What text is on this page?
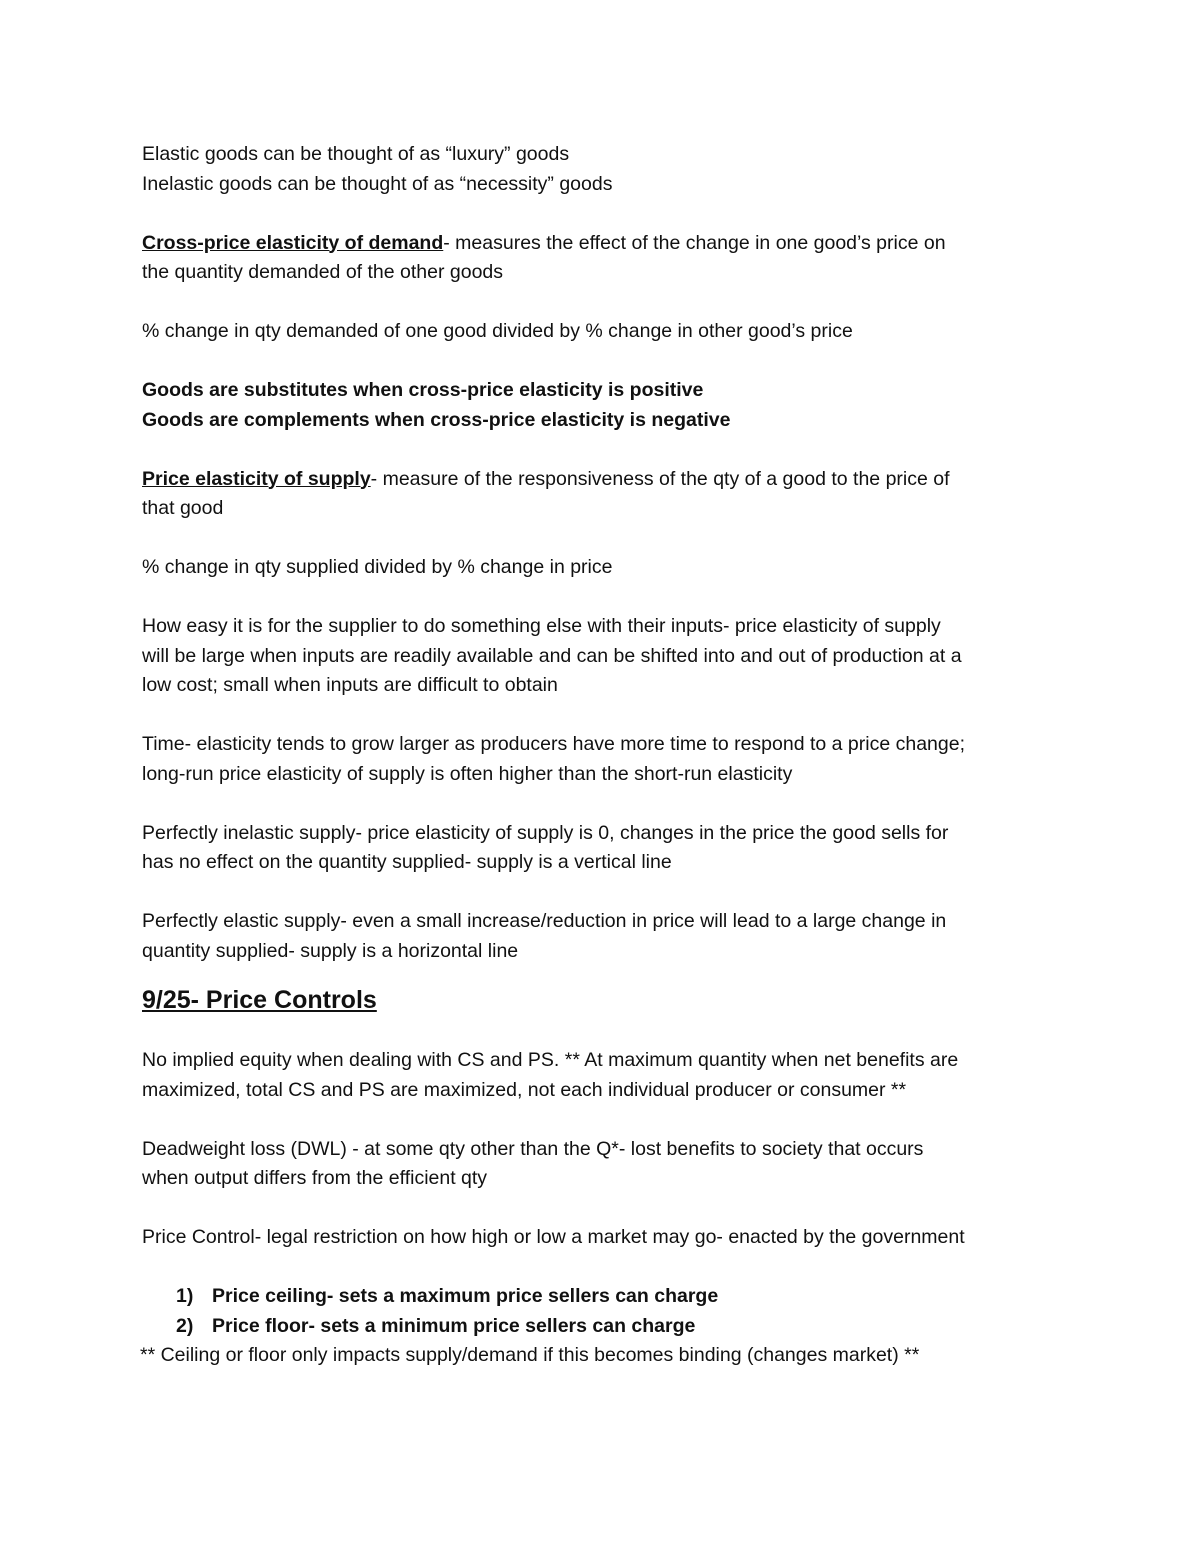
Elastic goods can be thought of as “luxury” goods
Inelastic goods can be thought of as “necessity” goods
Cross-price elasticity of demand- measures the effect of the change in one good’s price on
the quantity demanded of the other goods
% change in qty demanded of one good divided by % change in other good’s price
Goods are substitutes when cross-price elasticity is positive
Goods are complements when cross-price elasticity is negative
Price elasticity of supply- measure of the responsiveness of the qty of a good to the price of
that good
% change in qty supplied divided by % change in price
How easy it is for the supplier to do something else with their inputs- price elasticity of supply
will be large when inputs are readily available and can be shifted into and out of production at a
low cost; small when inputs are difficult to obtain
Time- elasticity tends to grow larger as producers have more time to respond to a price change;
long-run price elasticity of supply is often higher than the short-run elasticity
Perfectly inelastic supply- price elasticity of supply is 0, changes in the price the good sells for
has no effect on the quantity supplied- supply is a vertical line
Perfectly elastic supply- even a small increase/reduction in price will lead to a large change in
quantity supplied- supply is a horizontal line
9/25- Price Controls
No implied equity when dealing with CS and PS. ** At maximum quantity when net benefits are
maximized, total CS and PS are maximized, not each individual producer or consumer **
Deadweight loss (DWL) - at some qty other than the Q*- lost benefits to society that occurs
when output differs from the efficient qty
Price Control- legal restriction on how high or low a market may go- enacted by the government
1) Price ceiling- sets a maximum price sellers can charge
2) Price floor- sets a minimum price sellers can charge
** Ceiling or floor only impacts supply/demand if this becomes binding (changes market) **
